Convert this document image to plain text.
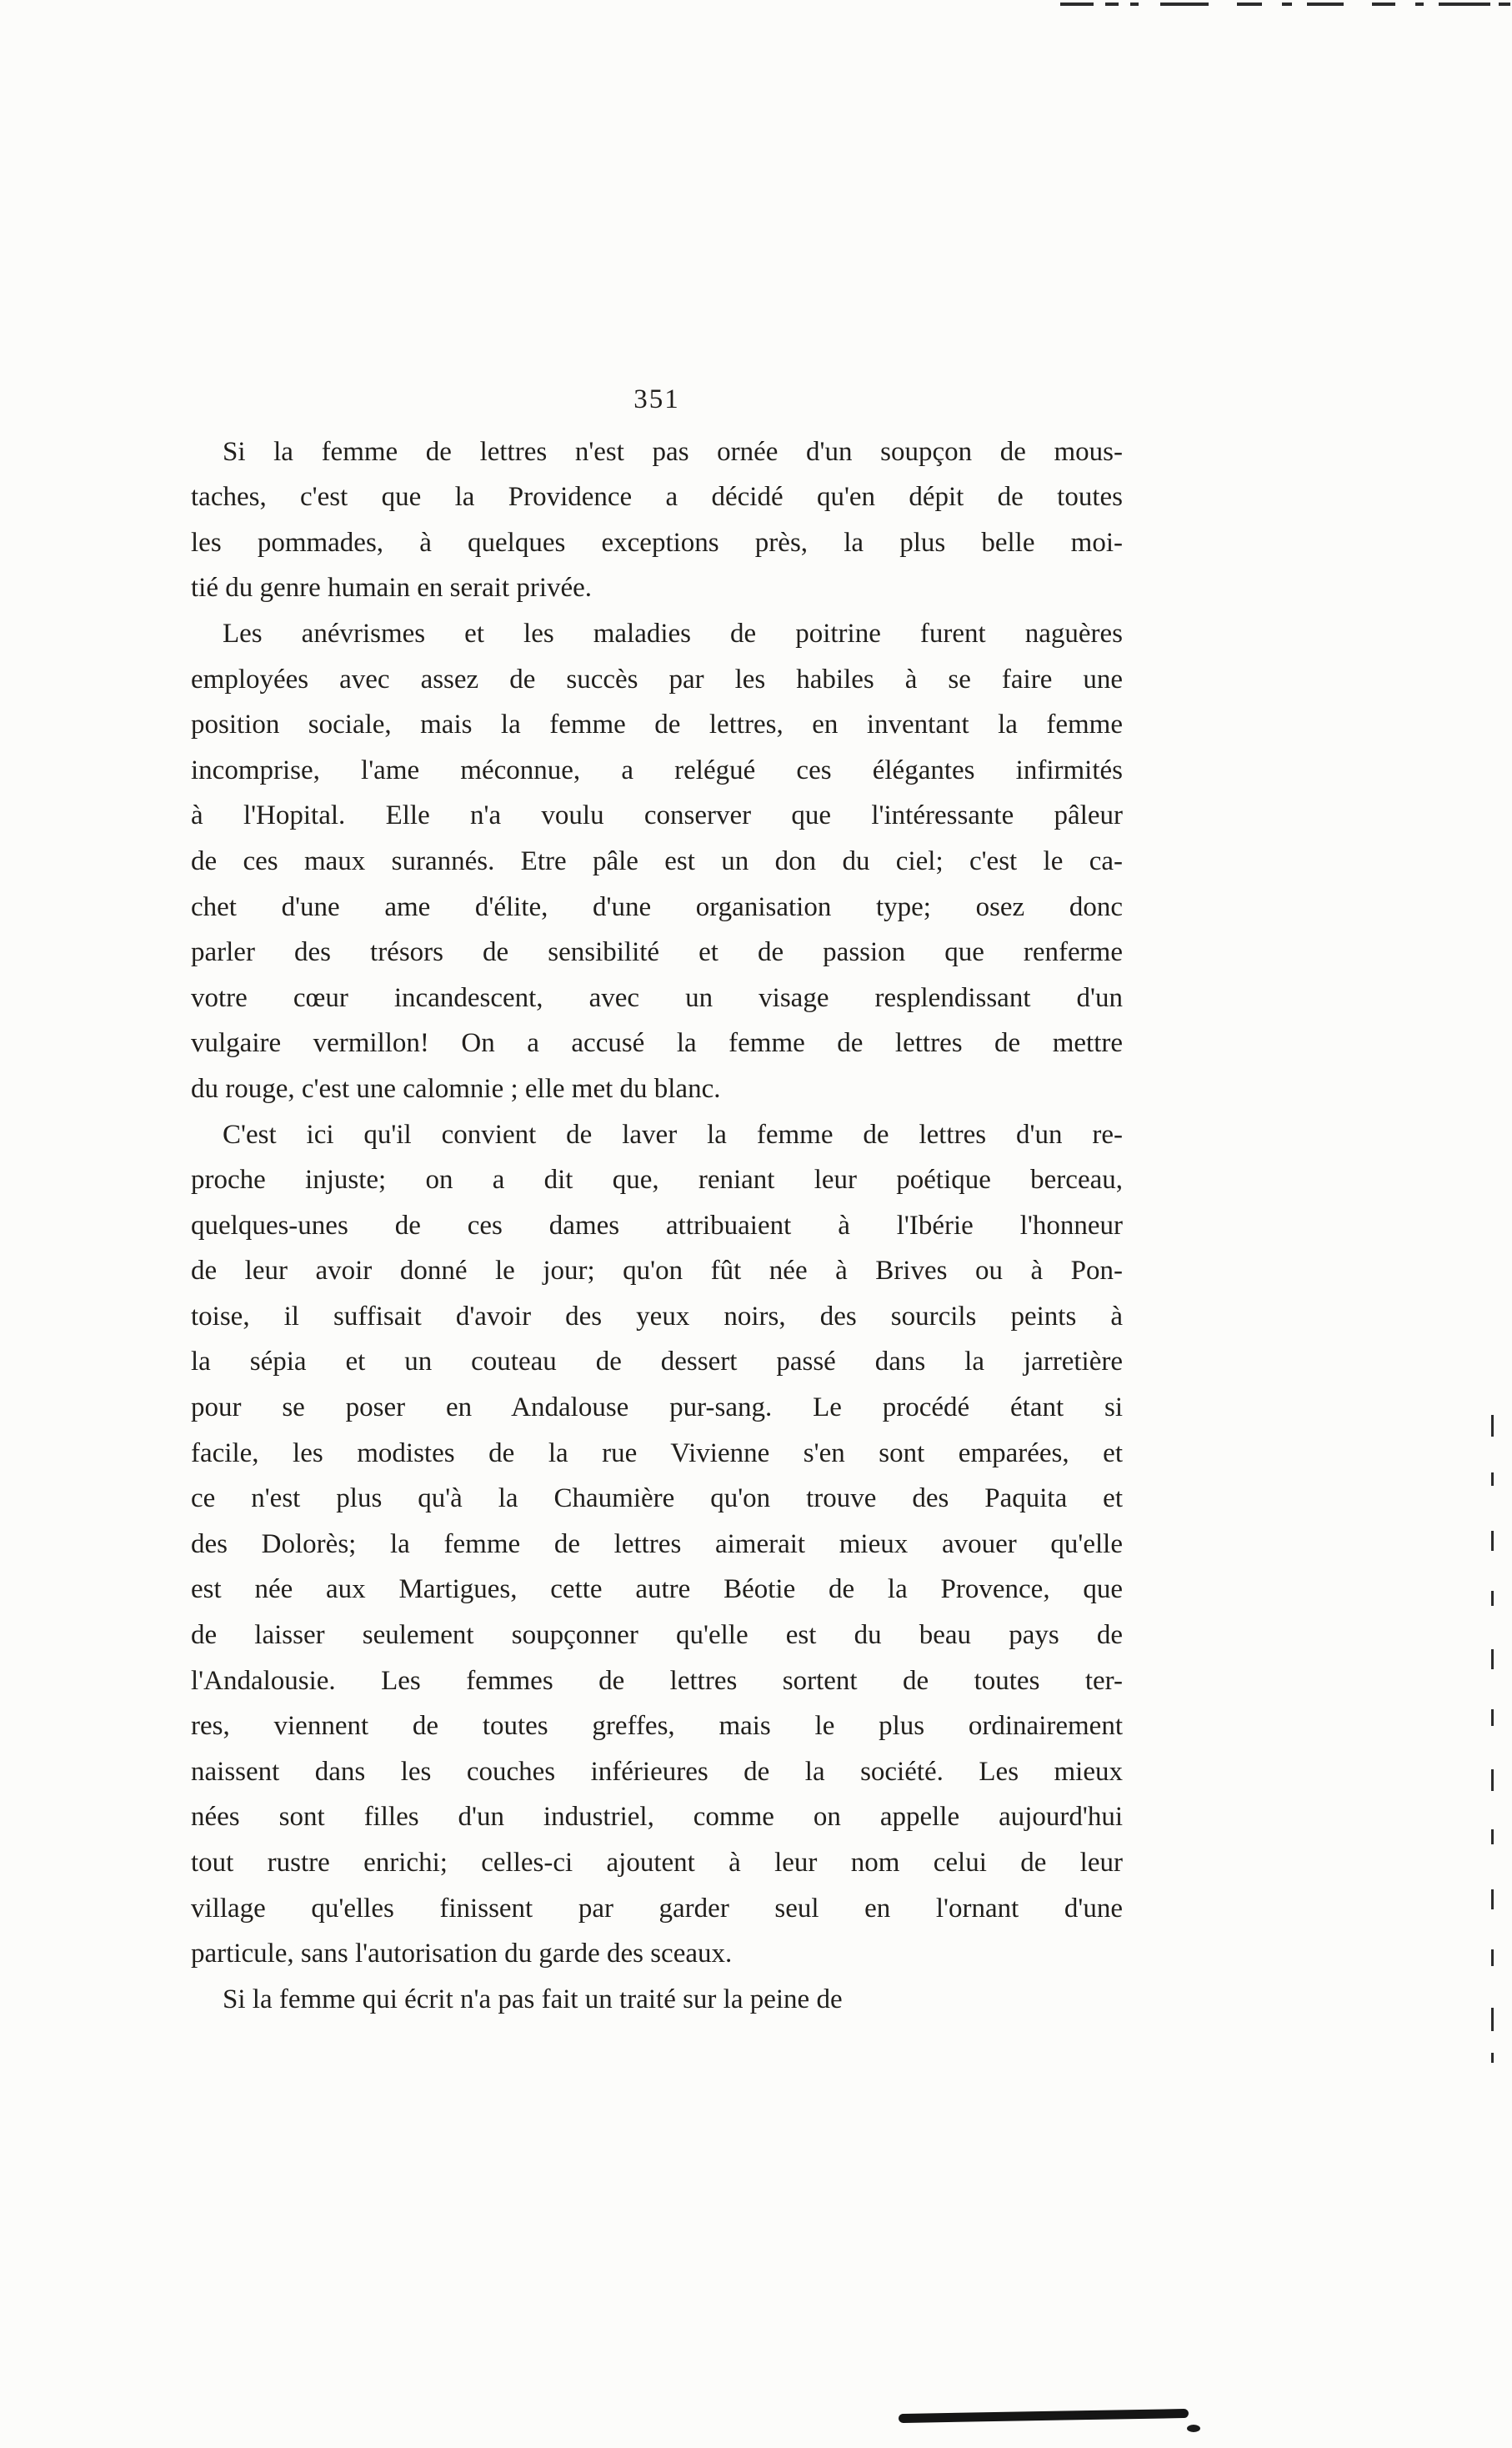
351
Si la femme de lettres n'est pas ornée d'un soupçon de mous-
taches, c'est que la Providence a décidé qu'en dépit de toutes
les pommades, à quelques exceptions près, la plus belle moi-
tié du genre humain en serait privée.
Les anévrismes et les maladies de poitrine furent naguères
employées avec assez de succès par les habiles à se faire une
position sociale, mais la femme de lettres, en inventant la femme
incomprise, l'ame méconnue, a relégué ces élégantes infirmités
à l'Hopital. Elle n'a voulu conserver que l'intéressante pâleur
de ces maux surannés. Etre pâle est un don du ciel; c'est le ca-
chet d'une ame d'élite, d'une organisation type; osez donc
parler des trésors de sensibilité et de passion que renferme
votre cœur incandescent, avec un visage resplendissant d'un
vulgaire vermillon! On a accusé la femme de lettres de mettre
du rouge, c'est une calomnie ; elle met du blanc.
C'est ici qu'il convient de laver la femme de lettres d'un re-
proche injuste; on a dit que, reniant leur poétique berceau,
quelques-unes de ces dames attribuaient à l'Ibérie l'honneur
de leur avoir donné le jour; qu'on fût née à Brives ou à Pon-
toise, il suffisait d'avoir des yeux noirs, des sourcils peints à
la sépia et un couteau de dessert passé dans la jarretière
pour se poser en Andalouse pur-sang. Le procédé étant si
facile, les modistes de la rue Vivienne s'en sont emparées, et
ce n'est plus qu'à la Chaumière qu'on trouve des Paquita et
des Dolorès; la femme de lettres aimerait mieux avouer qu'elle
est née aux Martigues, cette autre Béotie de la Provence, que
de laisser seulement soupçonner qu'elle est du beau pays de
l'Andalousie. Les femmes de lettres sortent de toutes ter-
res, viennent de toutes greffes, mais le plus ordinairement
naissent dans les couches inférieures de la société. Les mieux
nées sont filles d'un industriel, comme on appelle aujourd'hui
tout rustre enrichi; celles-ci ajoutent à leur nom celui de leur
village qu'elles finissent par garder seul en l'ornant d'une
particule, sans l'autorisation du garde des sceaux.
Si la femme qui écrit n'a pas fait un traité sur la peine de
